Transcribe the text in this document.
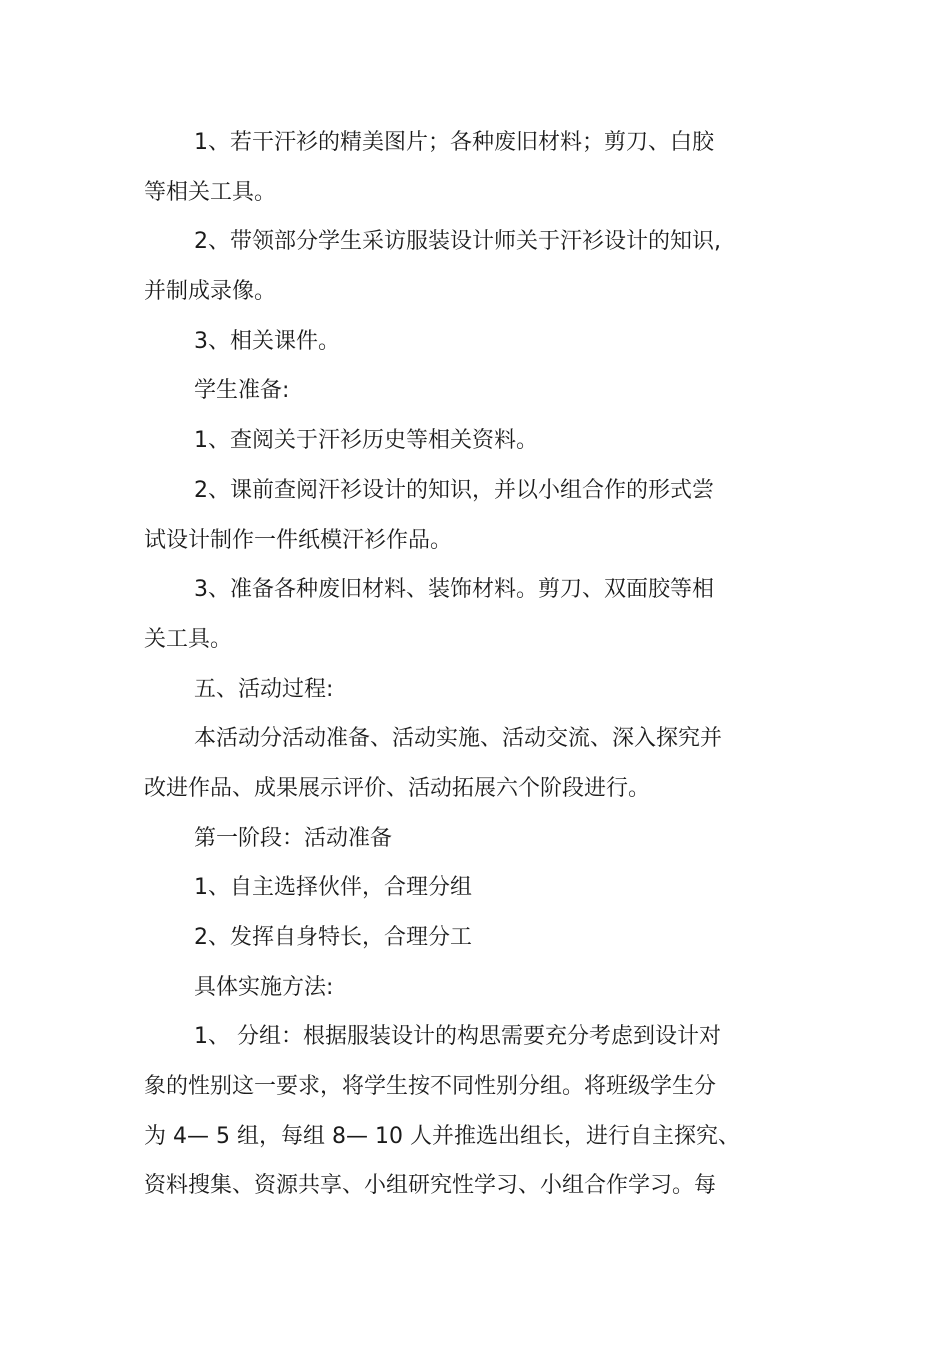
1、若干汗衫的精美图片；各种废旧材料；剪刀、白胶
等相关工具。
2、带领部分学生采访服装设计师关于汗衫设计的知识,
并制成录像。
3、相关课件。
学生准备:
1、查阅关于汗衫历史等相关资料。
2、课前查阅汗衫设计的知识，并以小组合作的形式尝
试设计制作一件纸模汗衫作品。
3、准备各种废旧材料、装饰材料。剪刀、双面胶等相
关工具。
五、活动过程:
本活动分活动准备、活动实施、活动交流、深入探究并
改进作品、成果展示评价、活动拓展六个阶段进行。
第一阶段：活动准备
1、自主选择伙伴，合理分组
2、发挥自身特长，合理分工
具体实施方法:
1、 分组：根据服装设计的构思需要充分考虑到设计对
象的性别这一要求，将学生按不同性别分组。将班级学生分
为 4— 5 组，每组 8— 10 人并推选出组长，进行自主探究、
资料搜集、资源共享、小组研究性学习、小组合作学习。每
